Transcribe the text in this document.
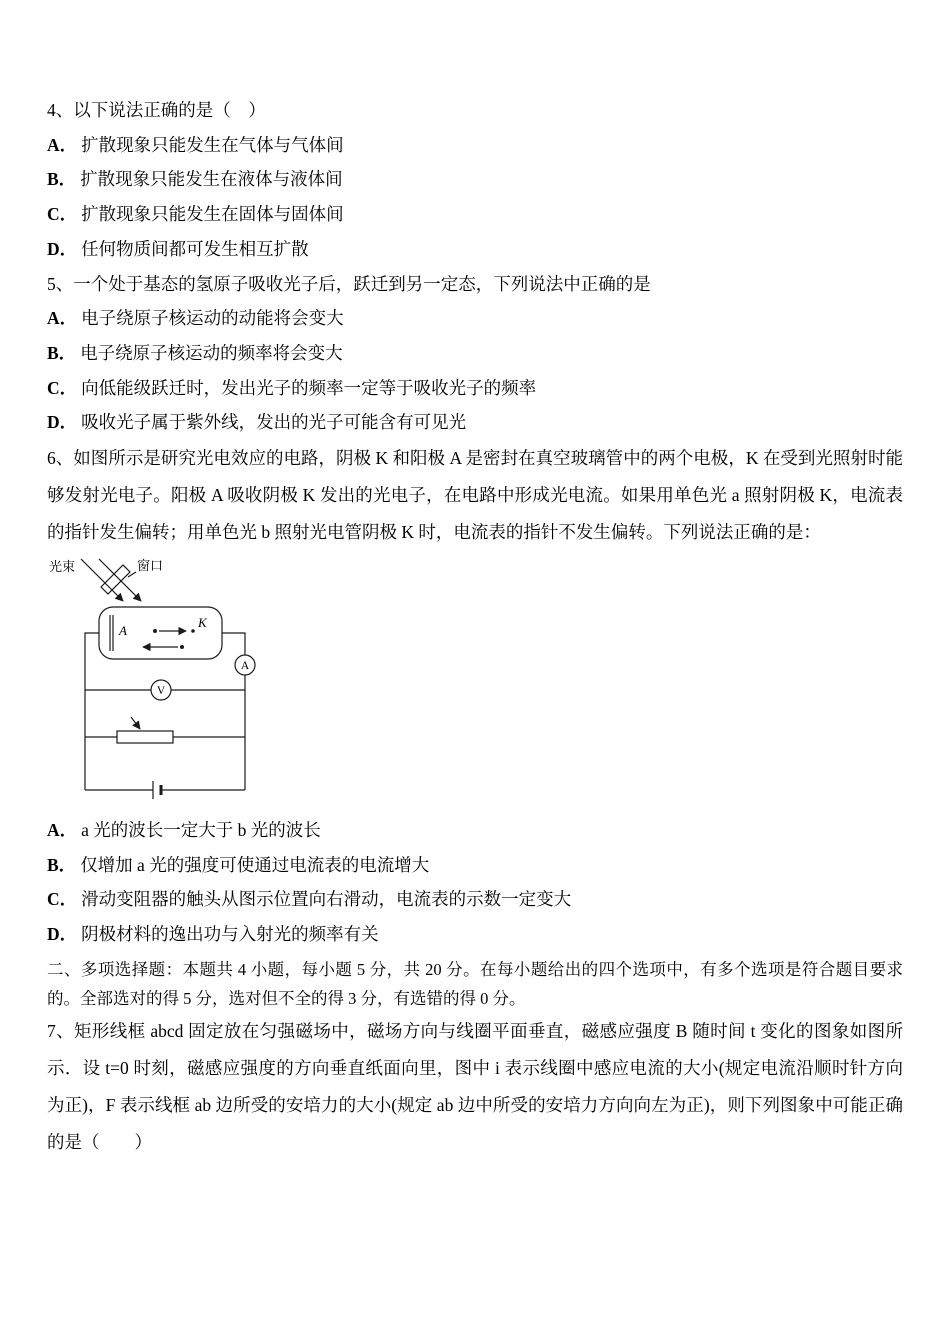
4、以下说法正确的是（　）

A． 扩散现象只能发生在气体与气体间

B． 扩散现象只能发生在液体与液体间

C． 扩散现象只能发生在固体与固体间

D． 任何物质间都可发生相互扩散

5、一个处于基态的氢原子吸收光子后，跃迁到另一定态，下列说法中正确的是

A． 电子绕原子核运动的动能将会变大

B． 电子绕原子核运动的频率将会变大

C． 向低能级跃迁时，发出光子的频率一定等于吸收光子的频率

D． 吸收光子属于紫外线，发出的光子可能含有可见光

6、如图所示是研究光电效应的电路，阴极 K 和阳极 A 是密封在真空玻璃管中的两个电极，K 在受到光照射时能够发射光电子。阳极 A 吸收阴极 K 发出的光电子，在电路中形成光电流。如果用单色光 a 照射阴极 K，电流表的指针发生偏转；用单色光 b 照射光电管阴极 K 时，电流表的指针不发生偏转。下列说法正确的是：

光束	窗口
A
K
A
V

A． a 光的波长一定大于 b 光的波长

B． 仅增加 a 光的强度可使通过电流表的电流增大

C． 滑动变阻器的触头从图示位置向右滑动，电流表的示数一定变大

D． 阴极材料的逸出功与入射光的频率有关

二、多项选择题：本题共 4 小题，每小题 5 分，共 20 分。在每小题给出的四个选项中，有多个选项是符合题目要求的。全部选对的得 5 分，选对但不全的得 3 分，有选错的得 0 分。

7、矩形线框 abcd 固定放在匀强磁场中，磁场方向与线圈平面垂直，磁感应强度 B 随时间 t 变化的图象如图所示．设 t=0 时刻，磁感应强度的方向垂直纸面向里，图中 i 表示线圈中感应电流的大小(规定电流沿顺时针方向为正)，F 表示线框 ab 边所受的安培力的大小(规定 ab 边中所受的安培力方向向左为正)，则下列图象中可能正确的是（　　）
